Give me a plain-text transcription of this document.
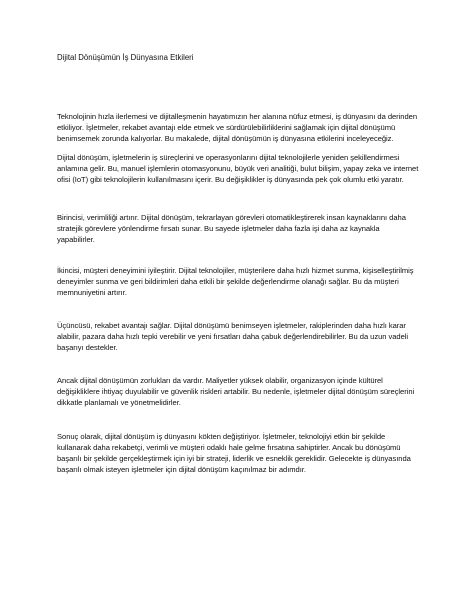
Dijital Dönüşümün İş Dünyasına Etkileri

Teknolojinin hızla ilerlemesi ve dijitalleşmenin hayatımızın her alanına nüfuz etmesi, iş dünyasını da derinden etkiliyor. İşletmeler, rekabet avantajı elde etmek ve sürdürülebilirliklerini sağlamak için dijital dönüşümü benimsemek zorunda kalıyorlar. Bu makalede, dijital dönüşümün iş dünyasına etkilerini inceleyeceğiz.

Dijital dönüşüm, işletmelerin iş süreçlerini ve operasyonlarını dijital teknolojilerle yeniden şekillendirmesi anlamına gelir. Bu, manuel işlemlerin otomasyonunu, büyük veri analitiği, bulut bilişim, yapay zeka ve internet ofisi (IoT) gibi teknolojilerin kullanılmasını içerir. Bu değişiklikler iş dünyasında pek çok olumlu etki yaratır.

Birincisi, verimliliği artırır. Dijital dönüşüm, tekrarlayan görevleri otomatikleştirerek insan kaynaklarını daha stratejik görevlere yönlendirme fırsatı sunar. Bu sayede işletmeler daha fazla işi daha az kaynakla yapabilirler.

İkincisi, müşteri deneyimini iyileştirir. Dijital teknolojiler, müşterilere daha hızlı hizmet sunma, kişiselleştirilmiş deneyimler sunma ve geri bildirimleri daha etkili bir şekilde değerlendirme olanağı sağlar. Bu da müşteri memnuniyetini artırır.

Üçüncüsü, rekabet avantajı sağlar. Dijital dönüşümü benimseyen işletmeler, rakiplerinden daha hızlı karar alabilir, pazara daha hızlı tepki verebilir ve yeni fırsatları daha çabuk değerlendirebilirler. Bu da uzun vadeli başarıyı destekler.

Ancak dijital dönüşümün zorlukları da vardır. Maliyetler yüksek olabilir, organizasyon içinde kültürel değişikliklere ihtiyaç duyulabilir ve güvenlik riskleri artabilir. Bu nedenle, işletmeler dijital dönüşüm süreçlerini dikkatle planlamalı ve yönetmelidirler.

Sonuç olarak, dijital dönüşüm iş dünyasını kökten değiştiriyor. İşletmeler, teknolojiyi etkin bir şekilde kullanarak daha rekabetçi, verimli ve müşteri odaklı hale gelme fırsatına sahiptirler. Ancak bu dönüşümü başarılı bir şekilde gerçekleştirmek için iyi bir strateji, liderlik ve esneklik gereklidir. Gelecekte iş dünyasında başarılı olmak isteyen işletmeler için dijital dönüşüm kaçınılmaz bir adımdır.
